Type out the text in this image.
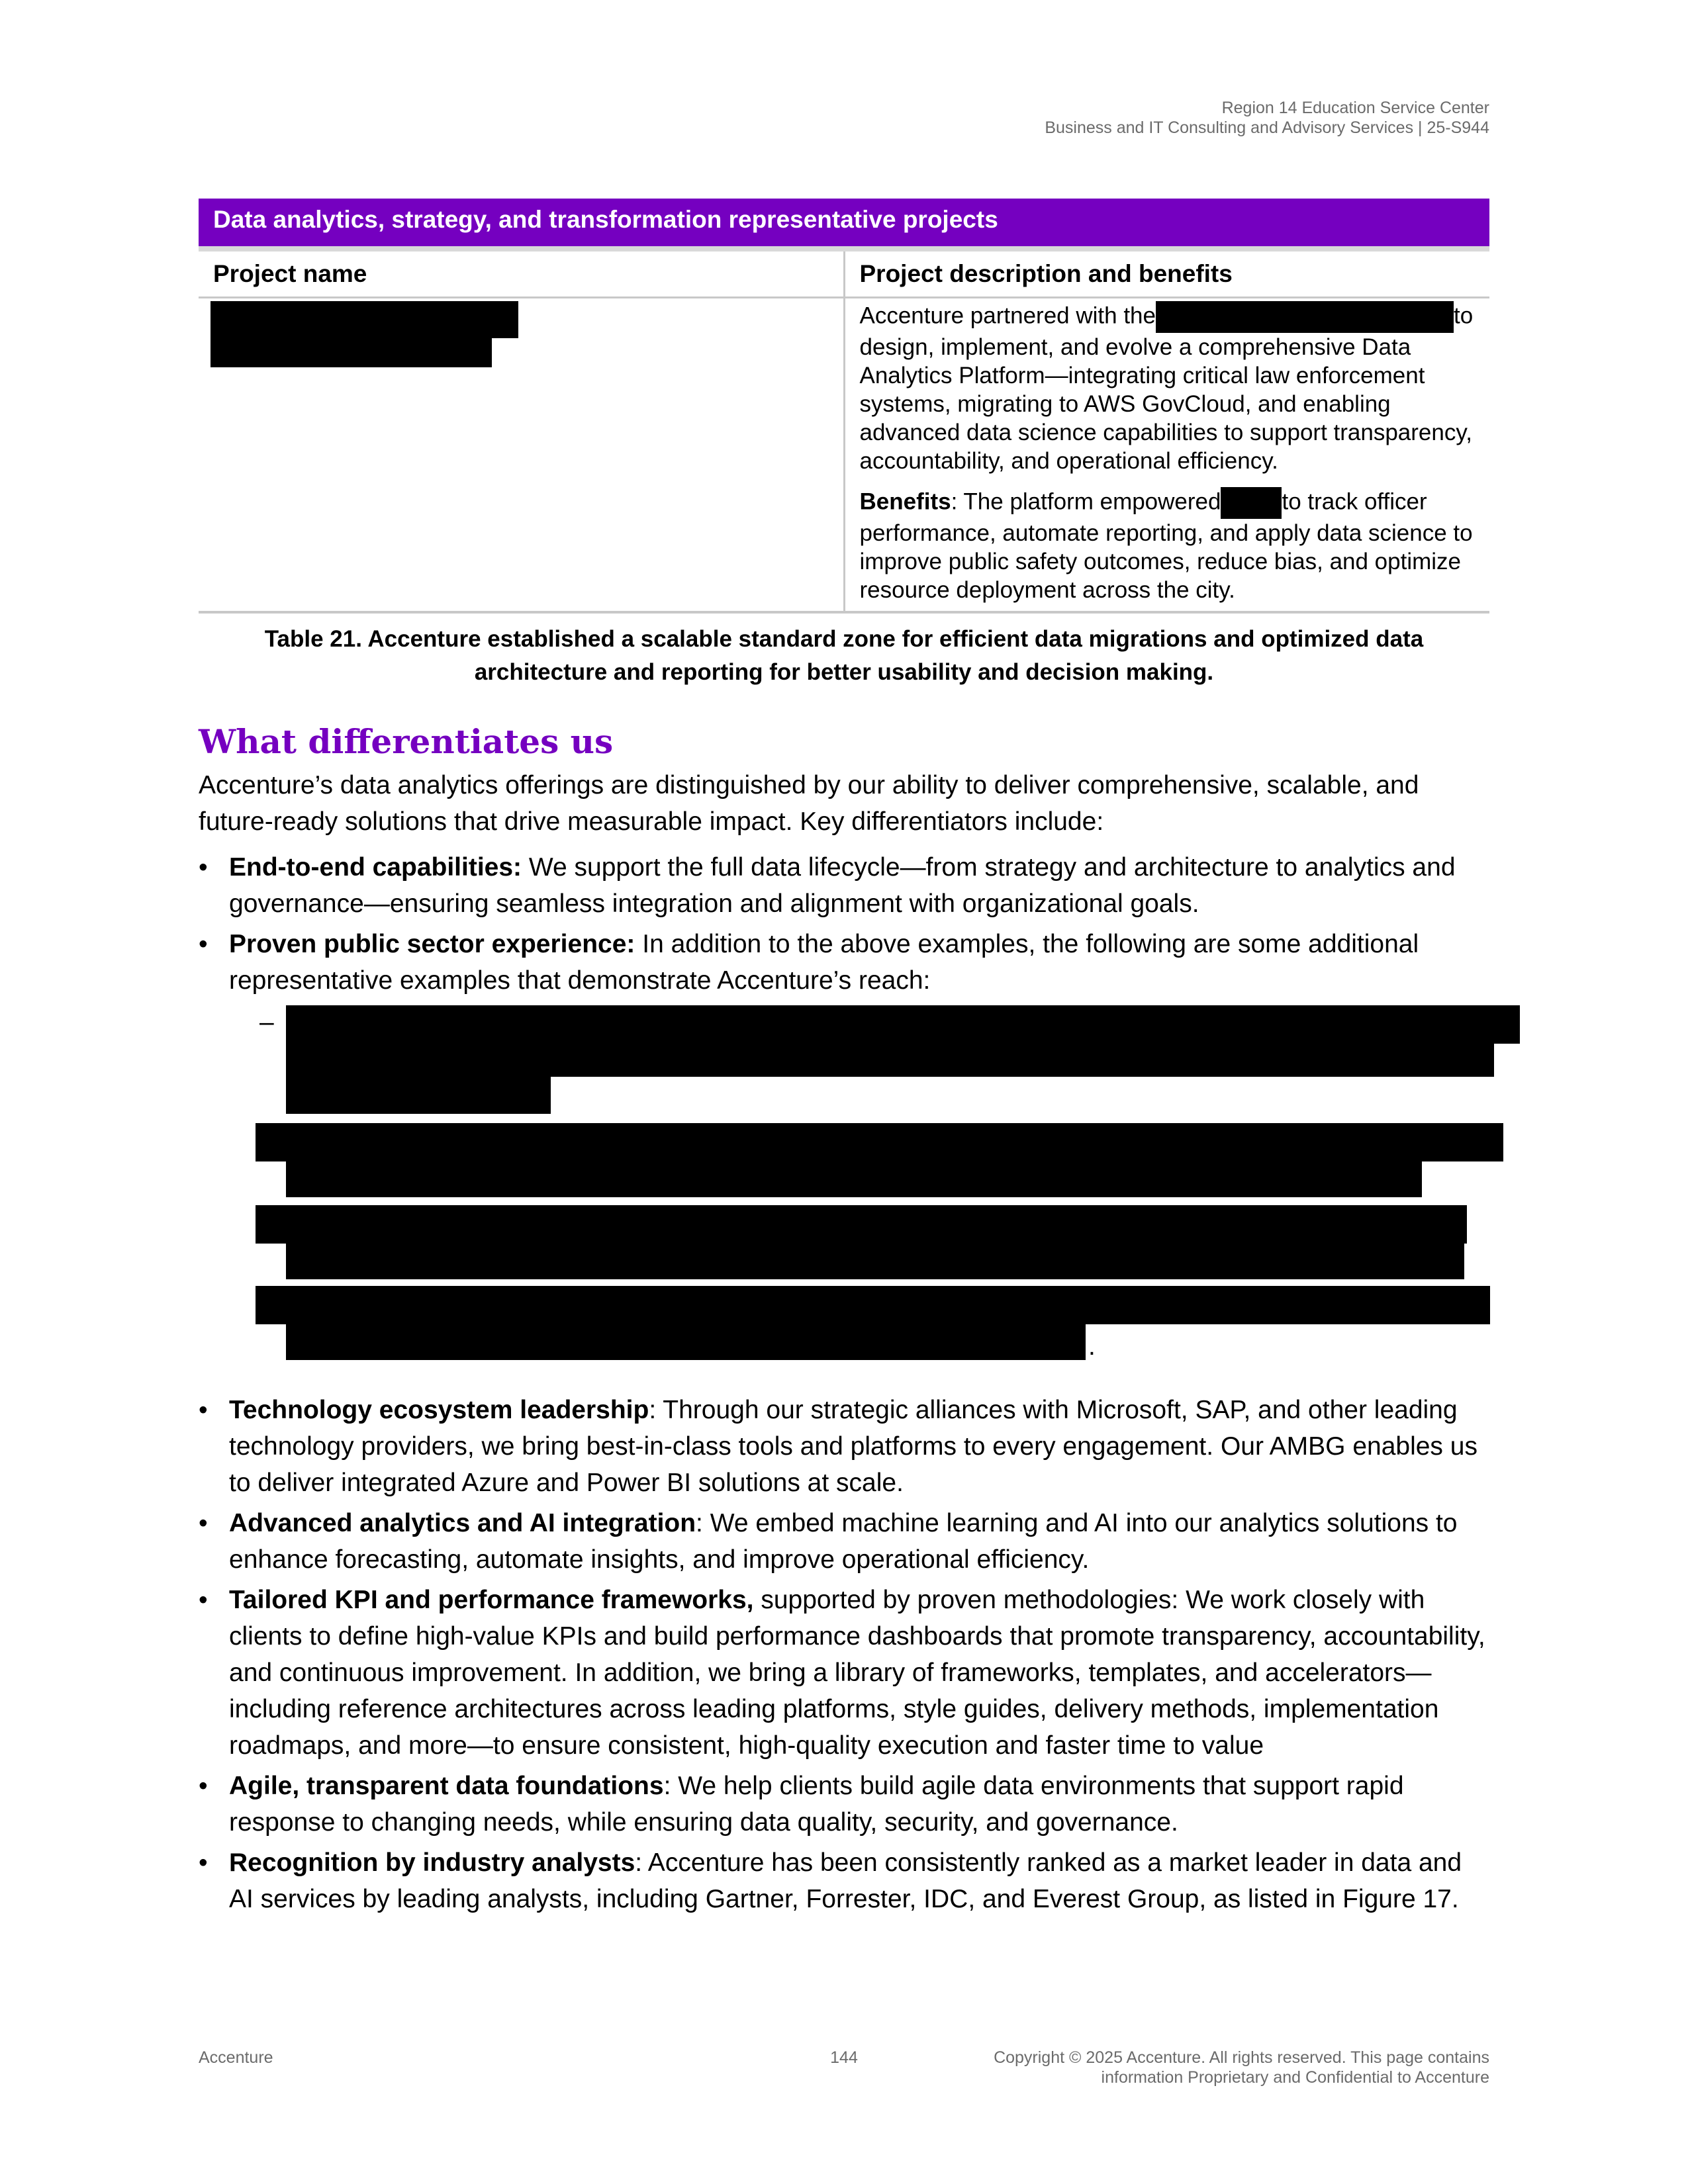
Region 14 Education Service Center
Business and IT Consulting and Advisory Services | 25-S944
Data analytics, strategy, and transformation representative projects	
Project name	Project description and benefits

	Accenture partnered with the to design, implement, and evolve a comprehensive Data Analytics Platform—integrating critical law enforcement systems, migrating to AWS GovCloud, and enabling advanced data science capabilities to support transparency, accountability, and operational efficiency.

Benefits: The platform empowered to track officer performance, automate reporting, and apply data science to improve public safety outcomes, reduce bias, and optimize resource deployment across the city.

Table 21. Accenture established a scalable standard zone for efficient data migrations and optimized data architecture and reporting for better usability and decision making.
What differentiates us

Accenture’s data analytics offerings are distinguished by our ability to deliver comprehensive, scalable, and future-ready solutions that drive measurable impact. Key differentiators include:

• End-to-end capabilities: We support the full data lifecycle—from strategy and architecture to analytics and governance—ensuring seamless integration and alignment with organizational goals.
• Proven public sector experience: In addition to the above examples, the following are some additional representative examples that demonstrate Accenture’s reach:
–
.
• Technology ecosystem leadership: Through our strategic alliances with Microsoft, SAP, and other leading technology providers, we bring best-in-class tools and platforms to every engagement. Our AMBG enables us to deliver integrated Azure and Power BI solutions at scale.
• Advanced analytics and AI integration: We embed machine learning and AI into our analytics solutions to enhance forecasting, automate insights, and improve operational efficiency.
• Tailored KPI and performance frameworks, supported by proven methodologies: We work closely with clients to define high-value KPIs and build performance dashboards that promote transparency, accountability, and continuous improvement. In addition, we bring a library of frameworks, templates, and accelerators—including reference architectures across leading platforms, style guides, delivery methods, implementation roadmaps, and more—to ensure consistent, high-quality execution and faster time to value
• Agile, transparent data foundations: We help clients build agile data environments that support rapid response to changing needs, while ensuring data quality, security, and governance.
• Recognition by industry analysts: Accenture has been consistently ranked as a market leader in data and AI services by leading analysts, including Gartner, Forrester, IDC, and Everest Group, as listed in Figure 17.
Accenture	144	Copyright © 2025 Accenture. All rights reserved. This page contains
information Proprietary and Confidential to Accenture
